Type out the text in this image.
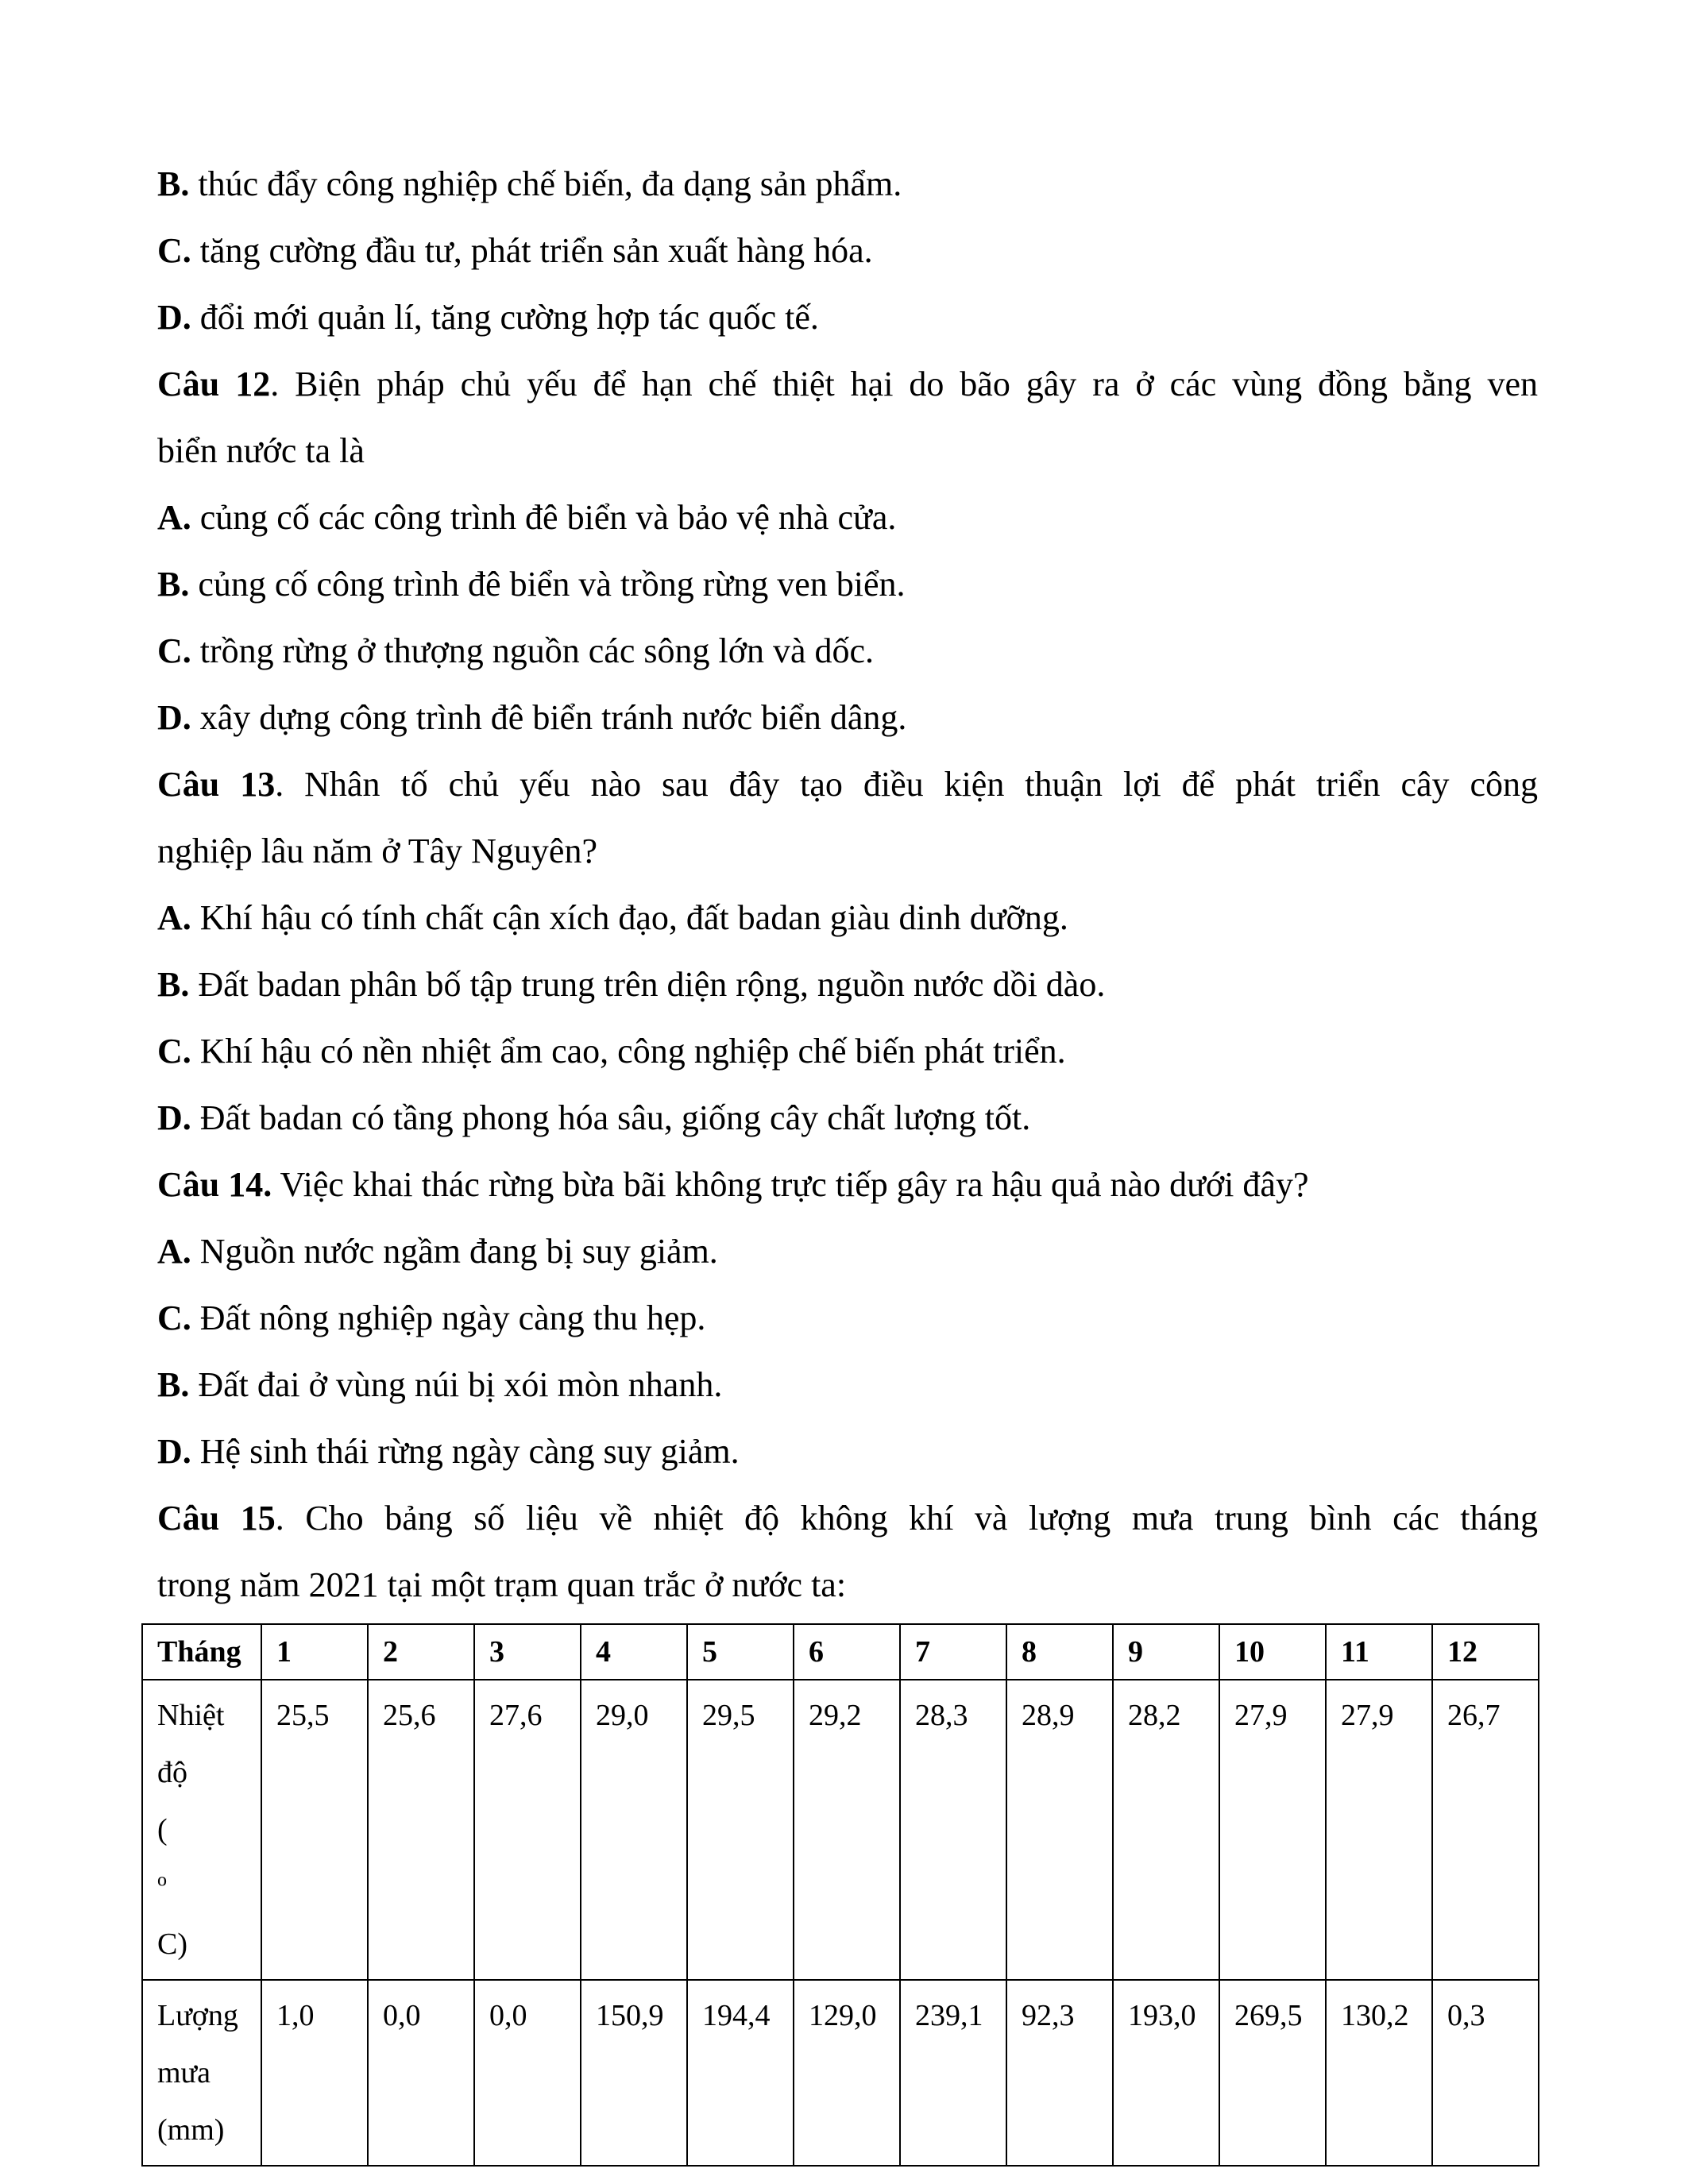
B. thúc đẩy công nghiệp chế biến, đa dạng sản phẩm.

C. tăng cường đầu tư, phát triển sản xuất hàng hóa.

D. đổi mới quản lí, tăng cường hợp tác quốc tế.

Câu 12. Biện pháp chủ yếu để hạn chế thiệt hại do bão gây ra ở các vùng đồng bằng ven

biển nước ta là

A. củng cố các công trình đê biển và bảo vệ nhà cửa.

B. củng cố công trình đê biển và trồng rừng ven biển.

C. trồng rừng ở thượng nguồn các sông lớn và dốc.

D. xây dựng công trình đê biển tránh nước biển dâng.

Câu 13. Nhân tố chủ yếu nào sau đây tạo điều kiện thuận lợi để phát triển cây công

nghiệp lâu năm ở Tây Nguyên?

A. Khí hậu có tính chất cận xích đạo, đất badan giàu dinh dưỡng.

B. Đất badan phân bố tập trung trên diện rộng, nguồn nước dồi dào.

C. Khí hậu có nền nhiệt ẩm cao, công nghiệp chế biến phát triển.

D. Đất badan có tầng phong hóa sâu, giống cây chất lượng tốt.

Câu 14. Việc khai thác rừng bừa bãi không trực tiếp gây ra hậu quả nào dưới đây?

A. Nguồn nước ngầm đang bị suy giảm.

C. Đất nông nghiệp ngày càng thu hẹp.

B. Đất đai ở vùng núi bị xói mòn nhanh.

D. Hệ sinh thái rừng ngày càng suy giảm.

Câu 15. Cho bảng số liệu về nhiệt độ không khí và lượng mưa trung bình các tháng

trong năm 2021 tại một trạm quan trắc ở nước ta:

Tháng	1	2	3	4	5	6	7	8	9	10	11	12

Nhiệt
độ
(
$^o$
C)	25,5	25,6	27,6	29,0	29,5	29,2	28,3	28,9	28,2	27,9	27,9	26,7

Lượng
mưa
(mm)	1,0	0,0	0,0	150,9	194,4	129,0	239,1	92,3	193,0	269,5	130,2	0,3
